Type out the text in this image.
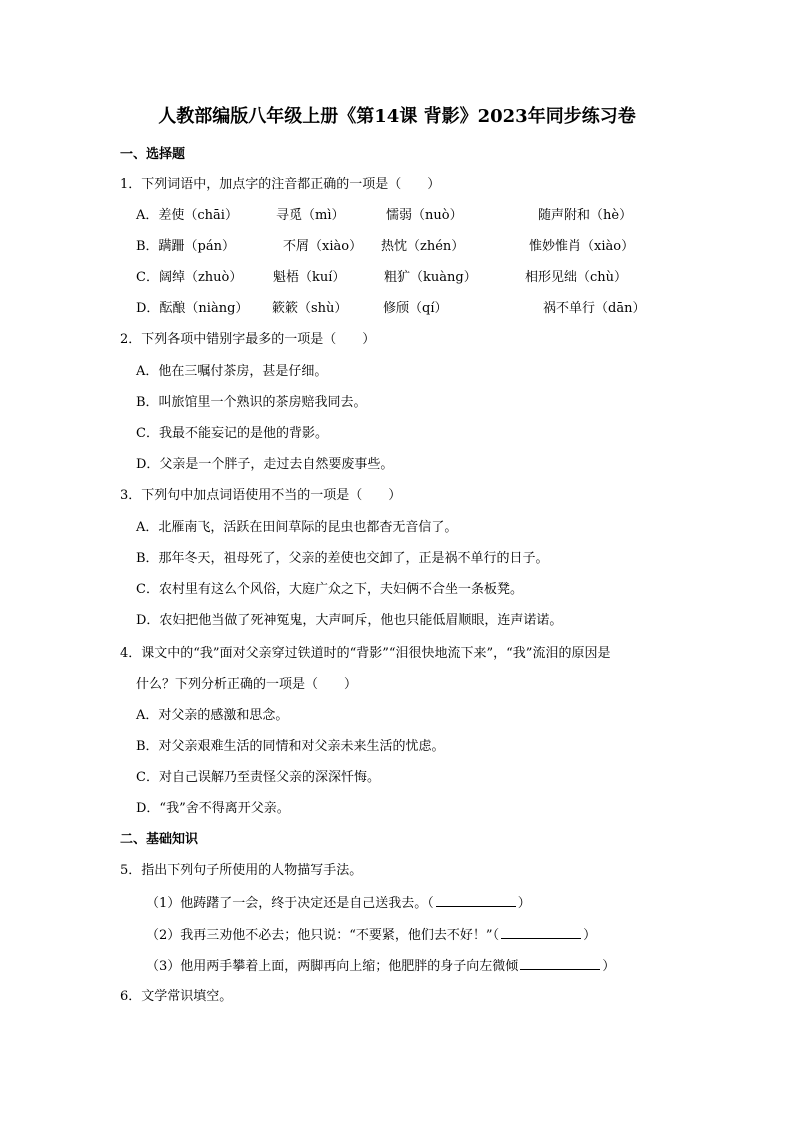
人教部编版八年级上册《第14课 背影》2023年同步练习卷
一、选择题
1．下列词语中，加点字的注音都正确的一项是（　　）
A．差使（chāi）	寻觅（mì）	懦弱（nuò）	随声附和（hè）
B．蹒跚（pán）	不屑（xiào） 热忱（zhén）	惟妙惟肖（xiào）
C．阔绰（zhuò） 魁梧（kuí）	粗犷（kuàng）	相形见绌（chù）
D．酝酿（niàng） 簌簌（shù）	修颀（qí）	祸不单行（dān）
2．下列各项中错别字最多的一项是（　　）
A．他在三嘱付茶房，甚是仔细。
B．叫旅馆里一个熟识的茶房赔我同去。
C．我最不能妄记的是他的背影。
D．父亲是一个胖子，走过去自然要废事些。
3．下列句中加点词语使用不当的一项是（　　）
A．北雁南飞，活跃在田间草际的昆虫也都杳无音信了。
B．那年冬天，祖母死了，父亲的差使也交卸了，正是祸不单行的日子。
C．农村里有这么个风俗，大庭广众之下，夫妇俩不合坐一条板凳。
D．农妇把他当做了死神冤鬼，大声呵斥，他也只能低眉顺眼，连声诺诺。
4．课文中的“我”面对父亲穿过铁道时的“背影”“泪很快地流下来”，“我”流泪的原因是
什么？下列分析正确的一项是（　　）
A．对父亲的感激和思念。
B．对父亲艰难生活的同情和对父亲未来生活的忧虑。
C．对自己误解乃至责怪父亲的深深忏悔。
D．“我”舍不得离开父亲。
二、基础知识
5．指出下列句子所使用的人物描写手法。
（1）他踌躇了一会，终于决定还是自己送我去。（	）
（2）我再三劝他不必去；他只说：“不要紧，他们去不好！”（	）
（3）他用两手攀着上面，两脚再向上缩；他肥胖的身子向左微倾	）
6．文学常识填空。
